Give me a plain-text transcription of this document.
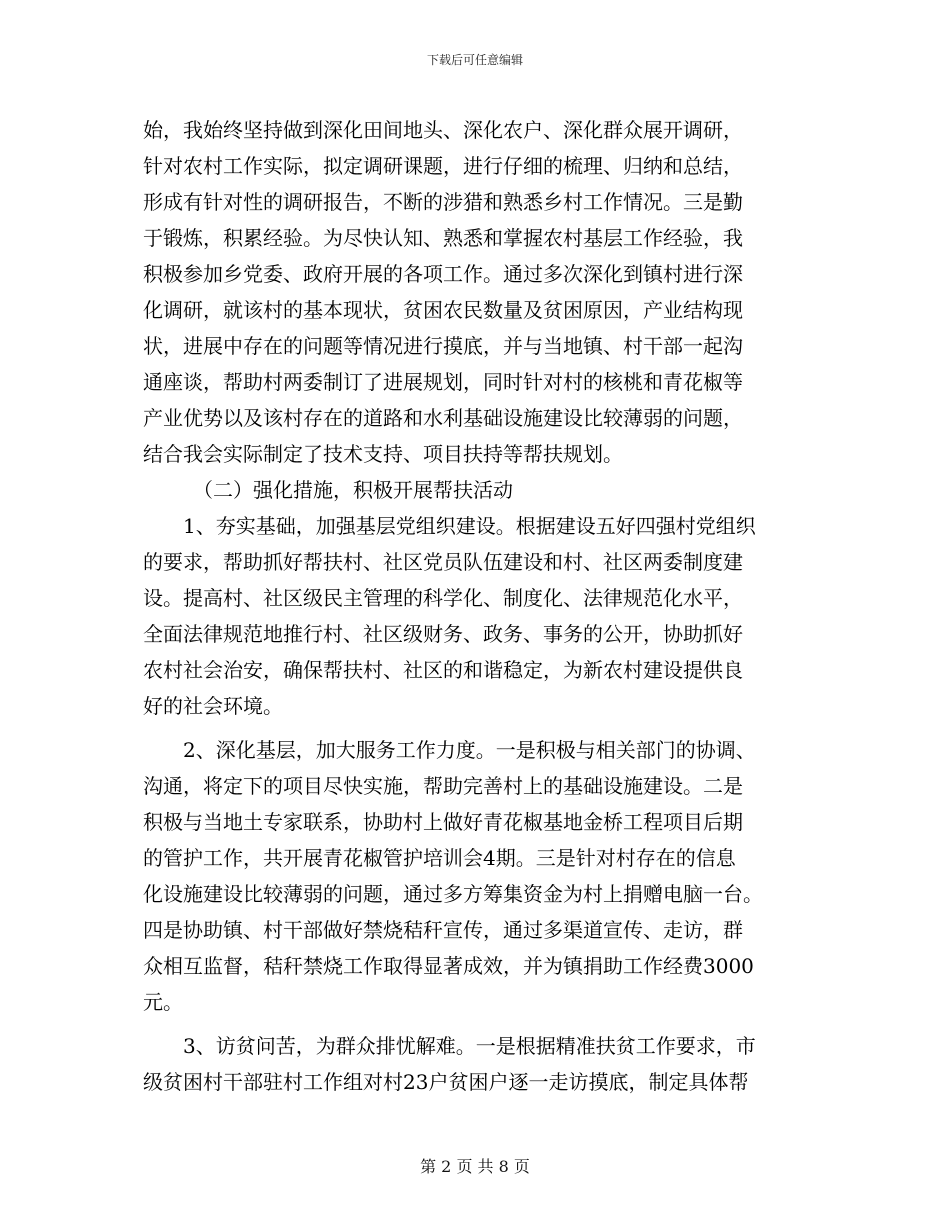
下载后可任意编辑
始，我始终坚持做到深化田间地头、深化农户、深化群众展开调研，
针对农村工作实际，拟定调研课题，进行仔细的梳理、归纳和总结，
形成有针对性的调研报告，不断的涉猎和熟悉乡村工作情况。三是勤
于锻炼，积累经验。为尽快认知、熟悉和掌握农村基层工作经验，我
积极参加乡党委、政府开展的各项工作。通过多次深化到镇村进行深
化调研，就该村的基本现状，贫困农民数量及贫困原因，产业结构现
状，进展中存在的问题等情况进行摸底，并与当地镇、村干部一起沟
通座谈，帮助村两委制订了进展规划，同时针对村的核桃和青花椒等
产业优势以及该村存在的道路和水利基础设施建设比较薄弱的问题，
结合我会实际制定了技术支持、项目扶持等帮扶规划。
（二）强化措施，积极开展帮扶活动
1、夯实基础，加强基层党组织建设。根据建设五好四强村党组织
的要求，帮助抓好帮扶村、社区党员队伍建设和村、社区两委制度建
设。提高村、社区级民主管理的科学化、制度化、法律规范化水平，
全面法律规范地推行村、社区级财务、政务、事务的公开，协助抓好
农村社会治安，确保帮扶村、社区的和谐稳定，为新农村建设提供良
好的社会环境。
2、深化基层，加大服务工作力度。一是积极与相关部门的协调、
沟通，将定下的项目尽快实施，帮助完善村上的基础设施建设。二是
积极与当地土专家联系，协助村上做好青花椒基地金桥工程项目后期
的管护工作，共开展青花椒管护培训会4期。三是针对村存在的信息
化设施建设比较薄弱的问题，通过多方筹集资金为村上捐赠电脑一台。
四是协助镇、村干部做好禁烧秸秆宣传，通过多渠道宣传、走访，群
众相互监督，秸秆禁烧工作取得显著成效，并为镇捐助工作经费3000
元。
3、访贫问苦，为群众排忧解难。一是根据精准扶贫工作要求，市
级贫困村干部驻村工作组对村23户贫困户逐一走访摸底，制定具体帮
第 2 页 共 8 页
